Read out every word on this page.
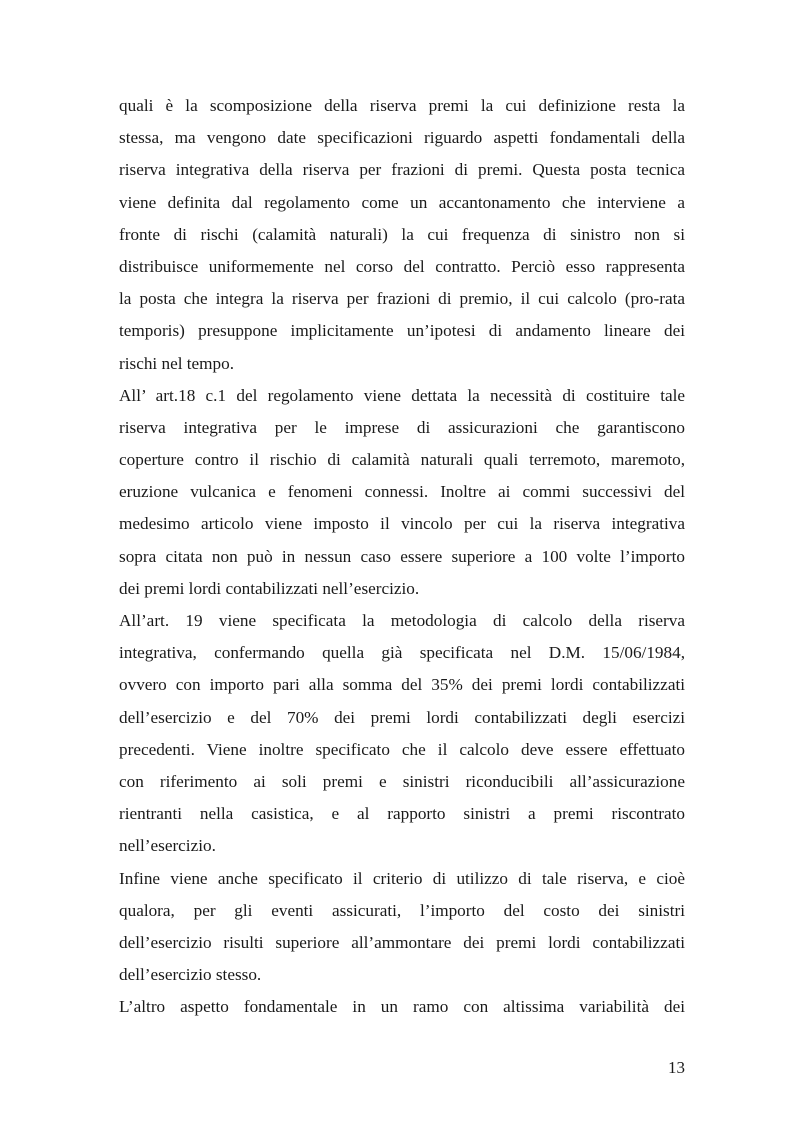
quali è la scomposizione della riserva premi la cui definizione resta la
stessa, ma vengono date specificazioni riguardo aspetti fondamentali della
riserva integrativa della riserva per frazioni di premi. Questa posta tecnica
viene definita dal regolamento come un accantonamento che interviene a
fronte di rischi (calamità naturali) la cui frequenza di sinistro non si
distribuisce uniformemente nel corso del contratto. Perciò esso rappresenta
la posta che integra la riserva per frazioni di premio, il cui calcolo (pro-rata
temporis) presuppone implicitamente un’ipotesi di andamento lineare dei
rischi nel tempo.
All’ art.18 c.1 del regolamento viene dettata la necessità di costituire tale
riserva integrativa per le imprese di assicurazioni che garantiscono
coperture contro il rischio di calamità naturali quali terremoto, maremoto,
eruzione vulcanica e fenomeni connessi. Inoltre ai commi successivi del
medesimo articolo viene imposto il vincolo per cui la riserva integrativa
sopra citata non può in nessun caso essere superiore a 100 volte l’importo
dei premi lordi contabilizzati nell’esercizio.
All’art. 19 viene specificata la metodologia di calcolo della riserva
integrativa, confermando quella già specificata nel D.M. 15/06/1984,
ovvero con importo pari alla somma del 35% dei premi lordi contabilizzati
dell’esercizio e del 70% dei premi lordi contabilizzati degli esercizi
precedenti. Viene inoltre specificato che il calcolo deve essere effettuato
con riferimento ai soli premi e sinistri riconducibili all’assicurazione
rientranti nella casistica, e al rapporto sinistri a premi riscontrato
nell’esercizio.
Infine viene anche specificato il criterio di utilizzo di tale riserva, e cioè
qualora, per gli eventi assicurati, l’importo del costo dei sinistri
dell’esercizio risulti superiore all’ammontare dei premi lordi contabilizzati
dell’esercizio stesso.
L’altro aspetto fondamentale in un ramo con altissima variabilità dei
13
